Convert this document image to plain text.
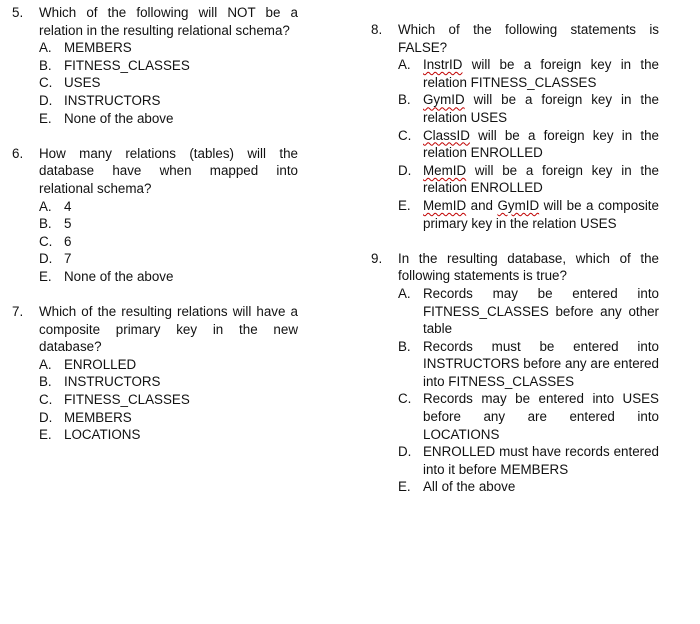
5. Which of the following will NOT be a relation in the resulting relational schema?
A. MEMBERS
B. FITNESS_CLASSES
C. USES
D. INSTRUCTORS
E. None of the above
6. How many relations (tables) will the database have when mapped into relational schema?
A. 4
B. 5
C. 6
D. 7
E. None of the above
7. Which of the resulting relations will have a composite primary key in the new database?
A. ENROLLED
B. INSTRUCTORS
C. FITNESS_CLASSES
D. MEMBERS
E. LOCATIONS
8. Which of the following statements is FALSE?
A. InstrID will be a foreign key in the relation FITNESS_CLASSES
B. GymID will be a foreign key in the relation USES
C. ClassID will be a foreign key in the relation ENROLLED
D. MemID will be a foreign key in the relation ENROLLED
E. MemID and GymID will be a composite primary key in the relation USES
9. In the resulting database, which of the following statements is true?
A. Records may be entered into FITNESS_CLASSES before any other table
B. Records must be entered into INSTRUCTORS before any are entered into FITNESS_CLASSES
C. Records may be entered into USES before any are entered into LOCATIONS
D. ENROLLED must have records entered into it before MEMBERS
E. All of the above
